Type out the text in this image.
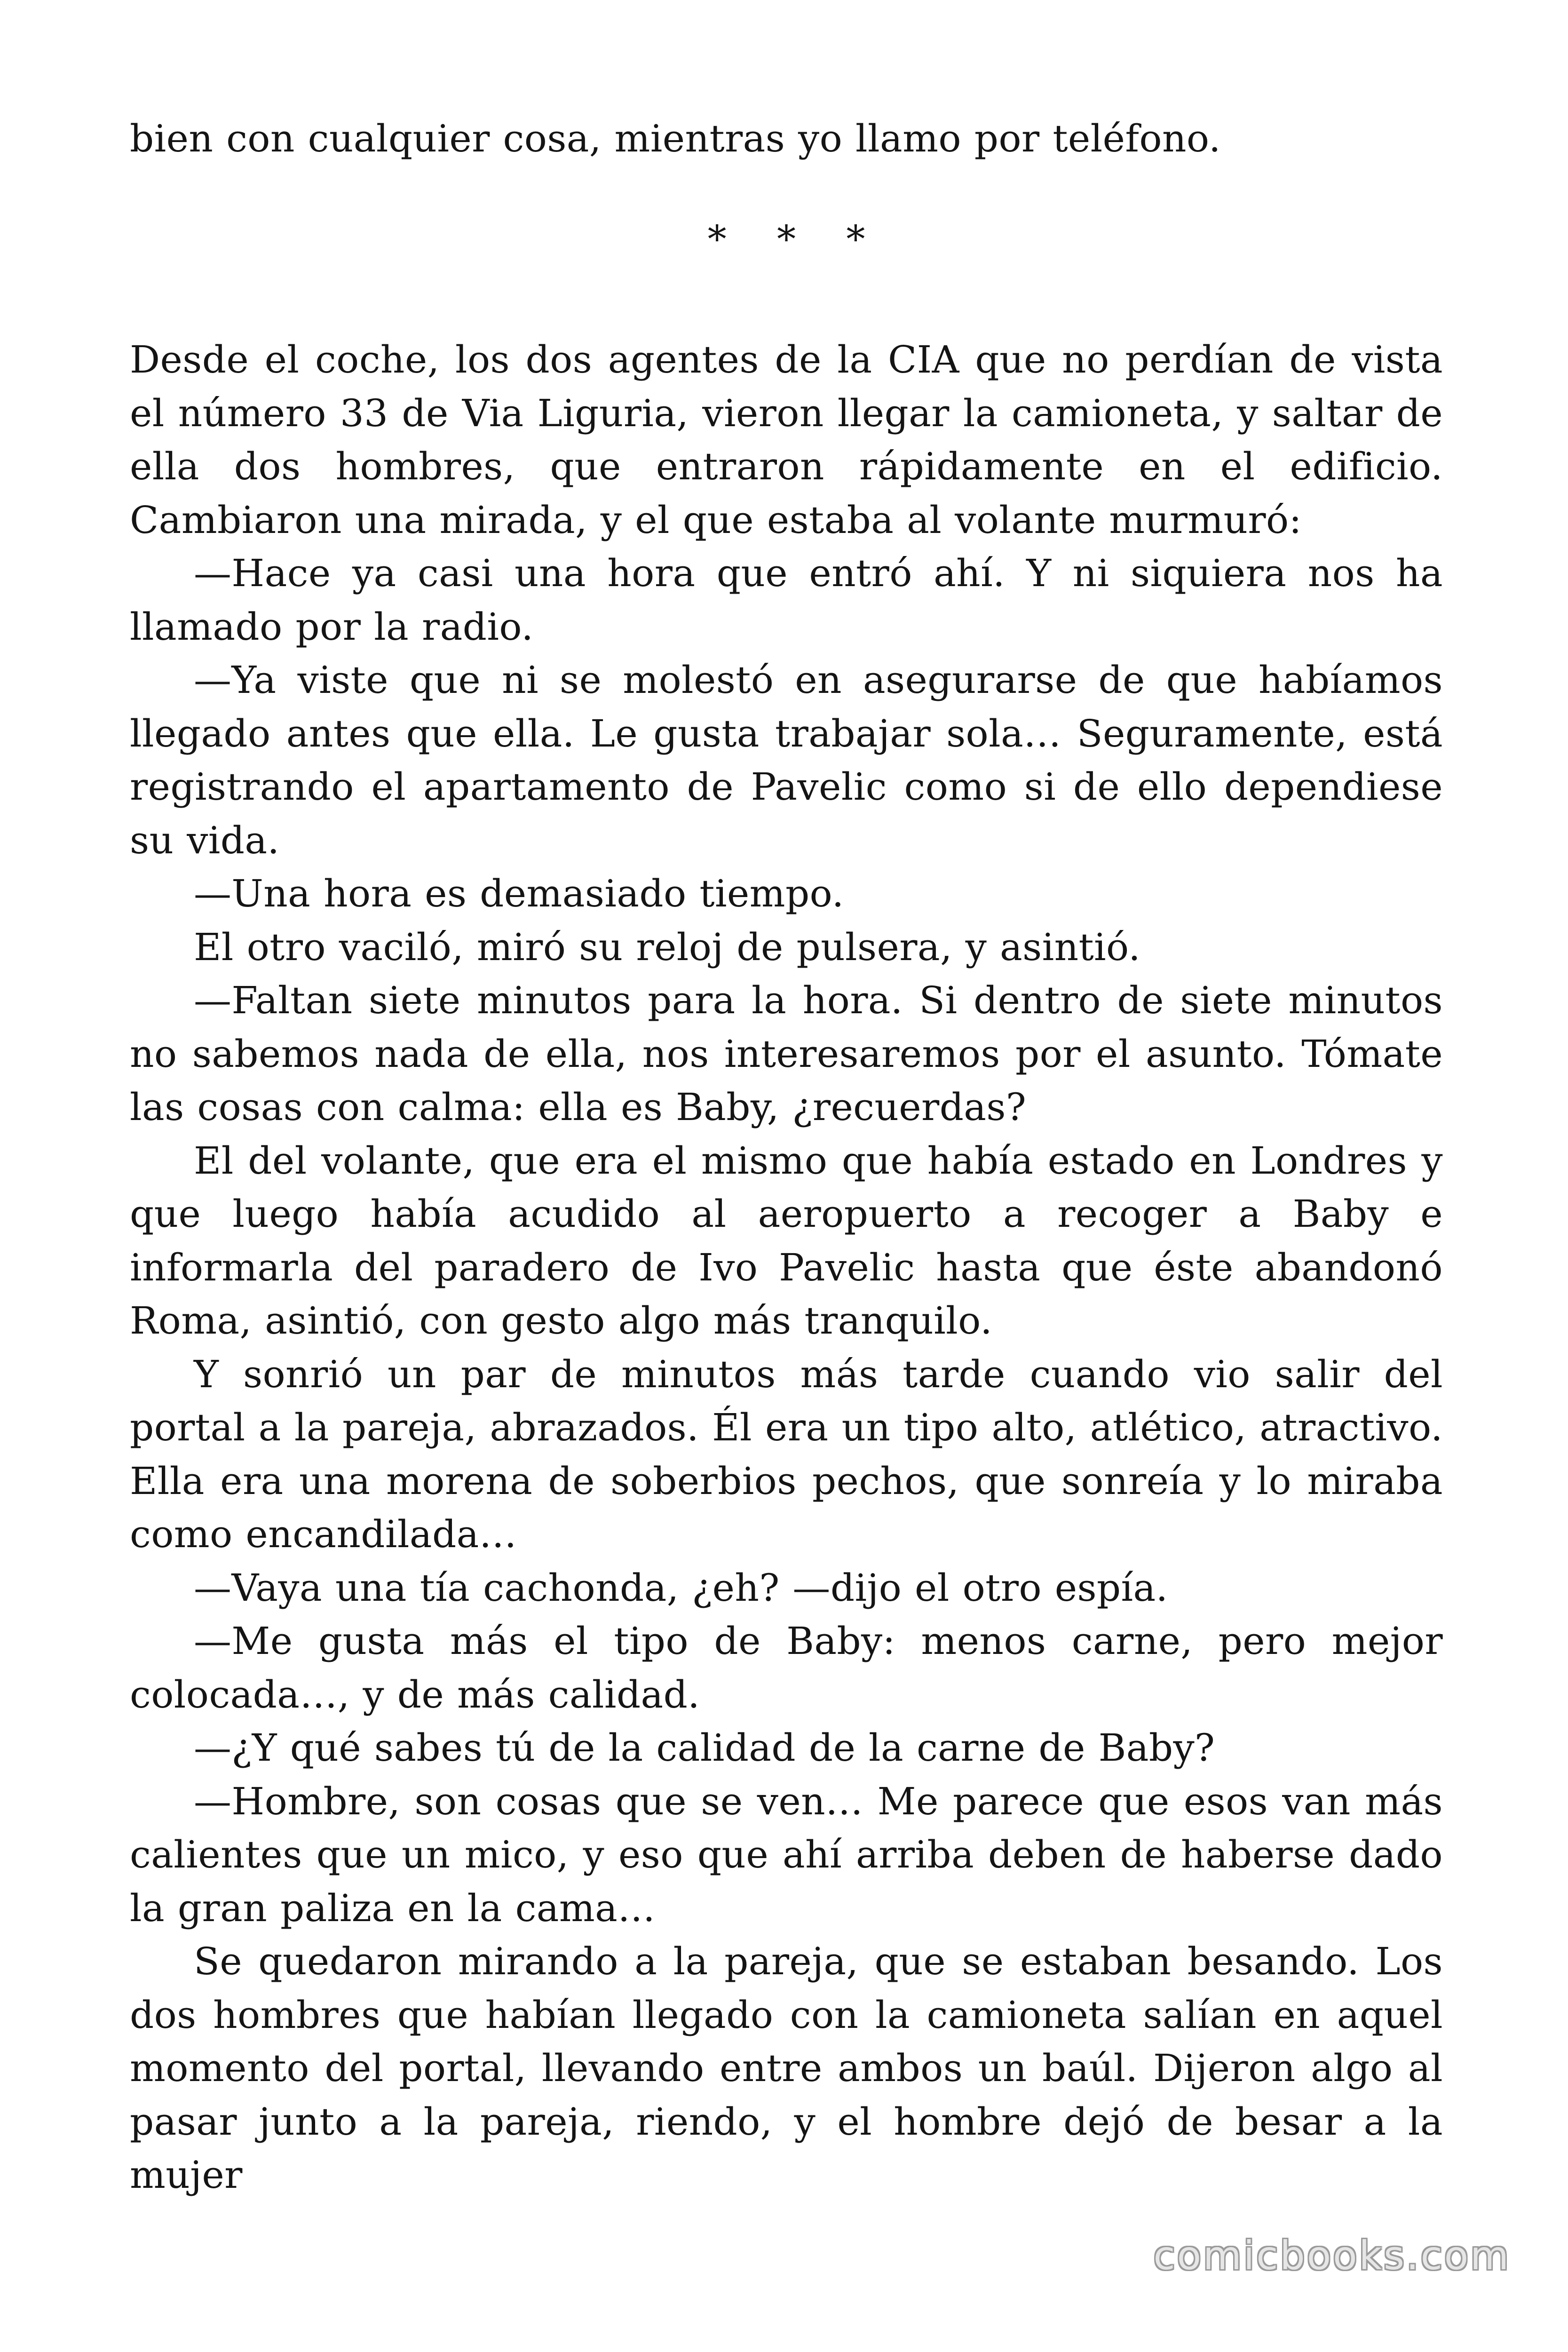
bien con cualquier cosa, mientras yo llamo por teléfono.

* * *

Desde el coche, los dos agentes de la CIA que no perdían de vista el número 33 de Via Liguria, vieron llegar la camioneta, y saltar de ella dos hombres, que entraron rápidamente en el edificio. Cambiaron una mirada, y el que estaba al volante murmuró:

—Hace ya casi una hora que entró ahí. Y ni siquiera nos ha llamado por la radio.

—Ya viste que ni se molestó en asegurarse de que habíamos llegado antes que ella. Le gusta trabajar sola… Seguramente, está registrando el apartamento de Pavelic como si de ello dependiese su vida.

—Una hora es demasiado tiempo.

El otro vaciló, miró su reloj de pulsera, y asintió.

—Faltan siete minutos para la hora. Si dentro de siete minutos no sabemos nada de ella, nos interesaremos por el asunto. Tómate las cosas con calma: ella es Baby, ¿recuerdas?

El del volante, que era el mismo que había estado en Londres y que luego había acudido al aeropuerto a recoger a Baby e informarla del paradero de Ivo Pavelic hasta que éste abandonó Roma, asintió, con gesto algo más tranquilo.

Y sonrió un par de minutos más tarde cuando vio salir del portal a la pareja, abrazados. Él era un tipo alto, atlético, atractivo. Ella era una morena de soberbios pechos, que sonreía y lo miraba como encandilada…

—Vaya una tía cachonda, ¿eh? —dijo el otro espía.

—Me gusta más el tipo de Baby: menos carne, pero mejor colocada…, y de más calidad.

—¿Y qué sabes tú de la calidad de la carne de Baby?

—Hombre, son cosas que se ven… Me parece que esos van más calientes que un mico, y eso que ahí arriba deben de haberse dado la gran paliza en la cama…

Se quedaron mirando a la pareja, que se estaban besando. Los dos hombres que habían llegado con la camioneta salían en aquel momento del portal, llevando entre ambos un baúl. Dijeron algo al pasar junto a la pareja, riendo, y el hombre dejó de besar a la mujer

comicbooks.com
